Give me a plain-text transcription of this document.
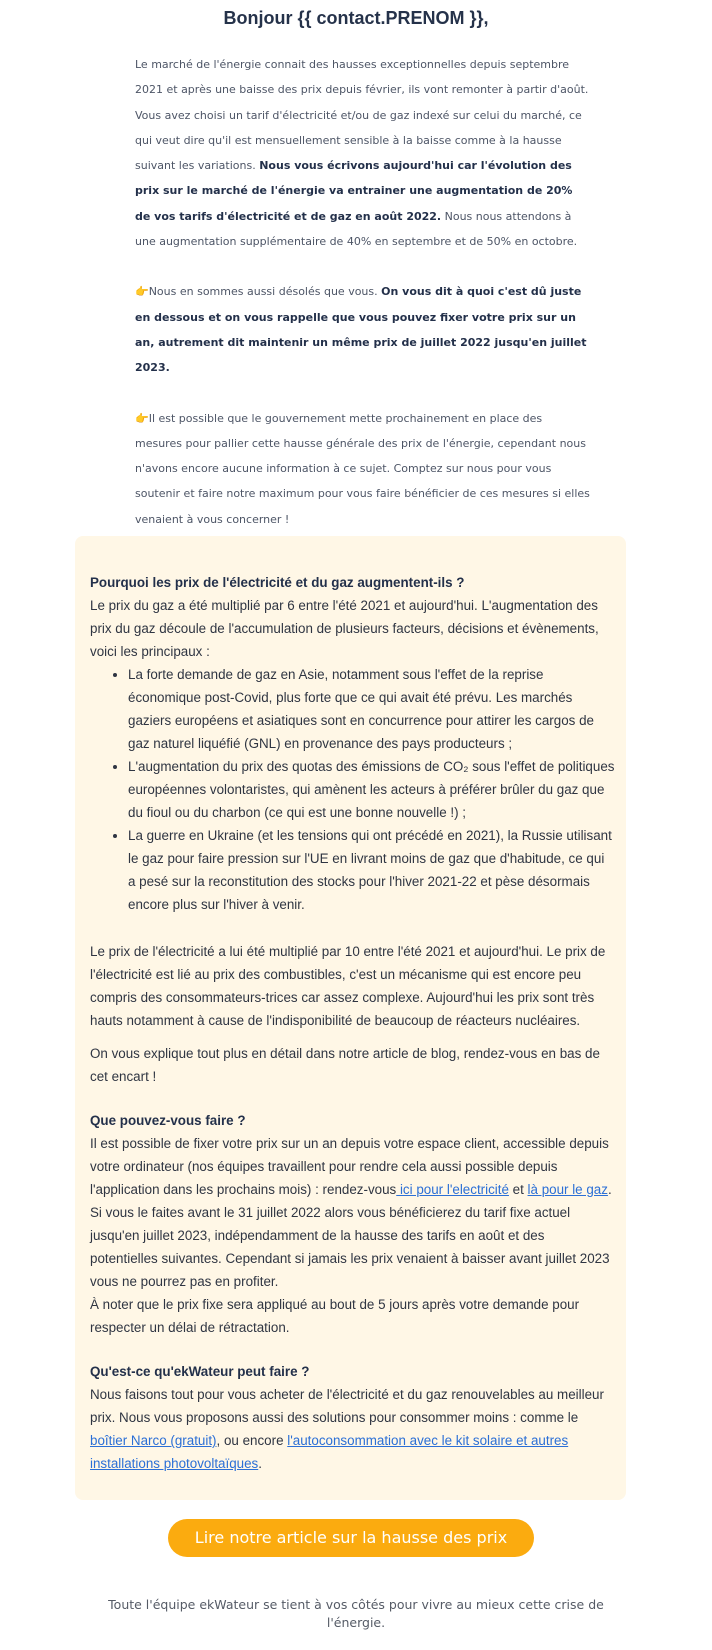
Bonjour {{ contact.PRENOM }},

Le marché de l'énergie connait des hausses exceptionnelles depuis septembre 2021 et après une baisse des prix depuis février, ils vont remonter à partir d'août.

Vous avez choisi un tarif d'électricité et/ou de gaz indexé sur celui du marché, ce qui veut dire qu'il est mensuellement sensible à la baisse comme à la hausse suivant les variations. Nous vous écrivons aujourd'hui car l'évolution des prix sur le marché de l'énergie va entrainer une augmentation de 20% de vos tarifs d'électricité et de gaz en août 2022. Nous nous attendons à une augmentation supplémentaire de 40% en septembre et de 50% en octobre.

👉Nous en sommes aussi désolés que vous. On vous dit à quoi c'est dû juste en dessous et on vous rappelle que vous pouvez fixer votre prix sur un an, autrement dit maintenir un même prix de juillet 2022 jusqu'en juillet 2023.

👉Il est possible que le gouvernement mette prochainement en place des mesures pour pallier cette hausse générale des prix de l'énergie, cependant nous n'avons encore aucune information à ce sujet. Comptez sur nous pour vous soutenir et faire notre maximum pour vous faire bénéficier de ces mesures si elles venaient à vous concerner !

Pourquoi les prix de l'électricité et du gaz augmentent-ils ?

Le prix du gaz a été multiplié par 6 entre l'été 2021 et aujourd'hui. L'augmentation des prix du gaz découle de l'accumulation de plusieurs facteurs, décisions et évènements, voici les principaux :

• La forte demande de gaz en Asie, notamment sous l'effet de la reprise économique post-Covid, plus forte que ce qui avait été prévu. Les marchés gaziers européens et asiatiques sont en concurrence pour attirer les cargos de gaz naturel liquéfié (GNL) en provenance des pays producteurs ;
• L'augmentation du prix des quotas des émissions de CO₂ sous l'effet de politiques européennes volontaristes, qui amènent les acteurs à préférer brûler du gaz que du fioul ou du charbon (ce qui est une bonne nouvelle !) ;
• La guerre en Ukraine (et les tensions qui ont précédé en 2021), la Russie utilisant le gaz pour faire pression sur l'UE en livrant moins de gaz que d'habitude, ce qui a pesé sur la reconstitution des stocks pour l'hiver 2021-22 et pèse désormais encore plus sur l'hiver à venir.

Le prix de l'électricité a lui été multiplié par 10 entre l'été 2021 et aujourd'hui. Le prix de l'électricité est lié au prix des combustibles, c'est un mécanisme qui est encore peu compris des consommateurs-trices car assez complexe. Aujourd'hui les prix sont très hauts notamment à cause de l'indisponibilité de beaucoup de réacteurs nucléaires.

On vous explique tout plus en détail dans notre article de blog, rendez-vous en bas de cet encart !

Que pouvez-vous faire ?

Il est possible de fixer votre prix sur un an depuis votre espace client, accessible depuis votre ordinateur (nos équipes travaillent pour rendre cela aussi possible depuis l'application dans les prochains mois) : rendez-vous ici pour l'electricité et là pour le gaz. Si vous le faites avant le 31 juillet 2022 alors vous bénéficierez du tarif fixe actuel jusqu'en juillet 2023, indépendamment de la hausse des tarifs en août et des potentielles suivantes. Cependant si jamais les prix venaient à baisser avant juillet 2023 vous ne pourrez pas en profiter.

À noter que le prix fixe sera appliqué au bout de 5 jours après votre demande pour respecter un délai de rétractation.

Qu'est-ce qu'ekWateur peut faire ?

Nous faisons tout pour vous acheter de l'électricité et du gaz renouvelables au meilleur prix. Nous vous proposons aussi des solutions pour consommer moins : comme le boîtier Narco (gratuit), ou encore l'autoconsommation avec le kit solaire et autres installations photovoltaïques.

Lire notre article sur la hausse des prix

Toute l'équipe ekWateur se tient à vos côtés pour vivre au mieux cette crise de l'énergie.
